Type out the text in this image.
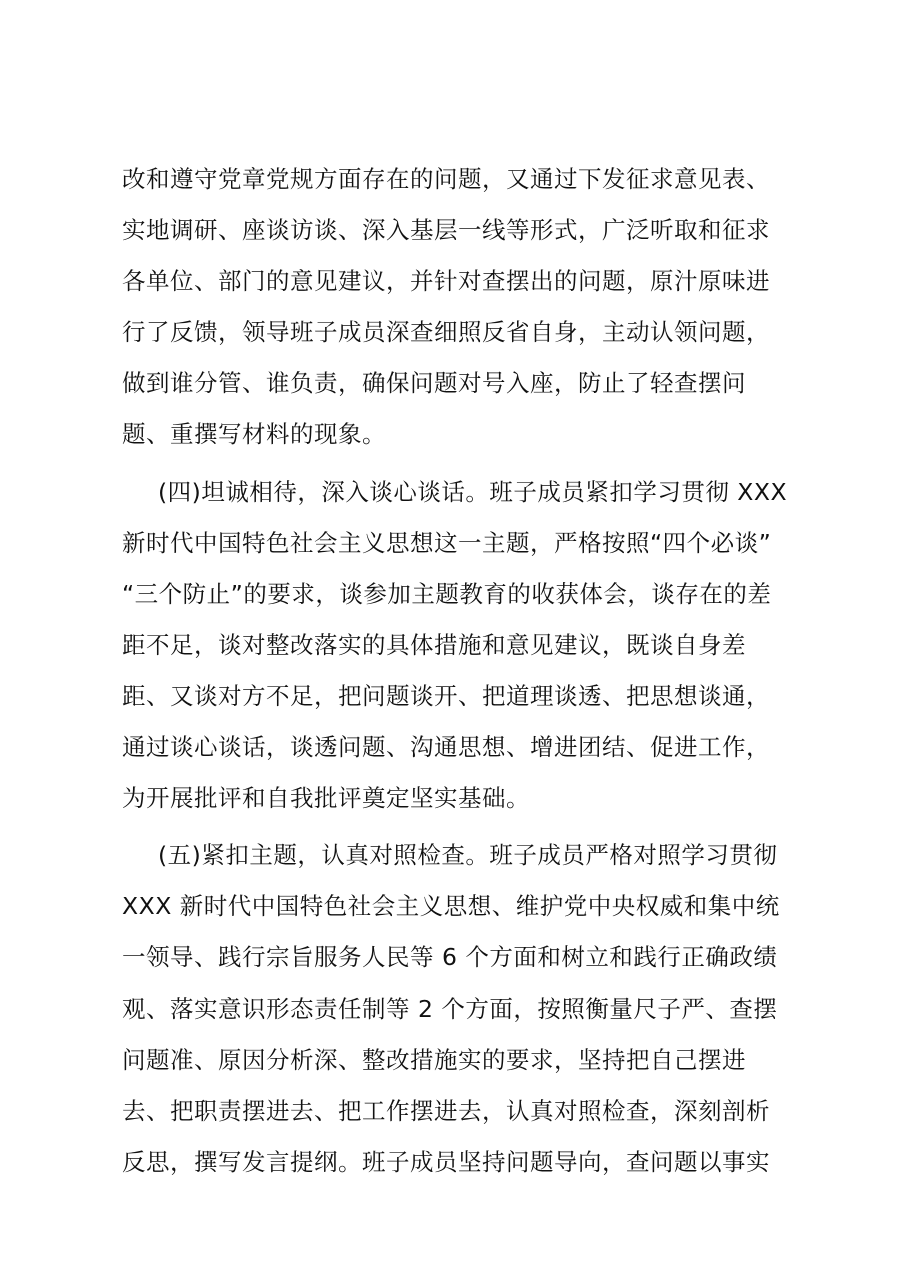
改和遵守党章党规方面存在的问题，又通过下发征求意见表、
实地调研、座谈访谈、深入基层一线等形式，广泛听取和征求
各单位、部门的意见建议，并针对查摆出的问题，原汁原味进
行了反馈，领导班子成员深查细照反省自身，主动认领问题，
做到谁分管、谁负责，确保问题对号入座，防止了轻查摆问
题、重撰写材料的现象。
(四)坦诚相待，深入谈心谈话。班子成员紧扣学习贯彻 XXX
新时代中国特色社会主义思想这一主题，严格按照“四个必谈”
“三个防止”的要求，谈参加主题教育的收获体会，谈存在的差
距不足，谈对整改落实的具体措施和意见建议，既谈自身差
距、又谈对方不足，把问题谈开、把道理谈透、把思想谈通，
通过谈心谈话，谈透问题、沟通思想、增进团结、促进工作，
为开展批评和自我批评奠定坚实基础。
(五)紧扣主题，认真对照检查。班子成员严格对照学习贯彻
XXX 新时代中国特色社会主义思想、维护党中央权威和集中统
一领导、践行宗旨服务人民等 6 个方面和树立和践行正确政绩
观、落实意识形态责任制等 2 个方面，按照衡量尺子严、查摆
问题准、原因分析深、整改措施实的要求，坚持把自己摆进
去、把职责摆进去、把工作摆进去，认真对照检查，深刻剖析
反思，撰写发言提纲。班子成员坚持问题导向，查问题以事实
